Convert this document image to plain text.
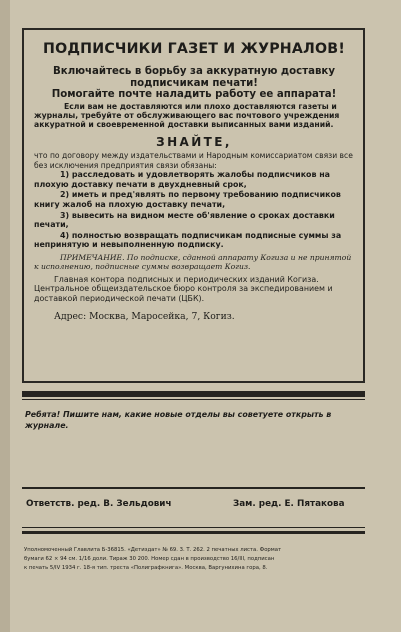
ПОДПИСЧИКИ ГАЗЕТ И ЖУРНАЛОВ!

Включайтесь в борьбу за аккуратную доставку подписчикам печати!

Помогайте почте наладить работу ее аппарата!

Если вам не доставляются или плохо доставляются газеты и журналы, требуйте от обслуживающего вас почтового учреждения аккуратной и своевременной доставки выписанных вами изданий.

ЗНАЙТЕ,

что по договору между издательствами и Народным комиссариатом связи все без исключения предприятия связи обязаны:

1) расследовать и удовлетворять жалобы подписчиков на плохую доставку печати в двухдневный срок,

2) иметь и пред'являть по первому требованию подписчиков книгу жалоб на плохую доставку печати,

3) вывесить на видном месте об'явление о сроках доставки печати,

4) полностью возвращать подписчикам подписные суммы за непринятую и невыполненную подписку.

ПРИМЕЧАНИЕ. По подписке, сданной аппарату Когиза и не принятой к исполнению, подписные суммы возвращает Когиз.

Главная контора подписных и периодических изданий Когиза. Центральное общеиздательское бюро контроля за экспедированием и доставкой периодической печати (ЦБК).

Адрес: Москва, Маросейка, 7, Когиз.

Ребята! Пишите нам, какие новые отделы вы советуете открыть в журнале.
Ответств. ред. В. Зельдович	Зам. ред. Е. Пятакова
Уполномоченный Главлита Б-36815. «Детиздат» № 69. 3. Т. 262. 2 печатных листа. Формат
бумаги 62 × 94 см. 1/16 доли. Тираж 30 200. Номер сдан в производство 16/III, подписан
к печать 5/IV 1934 г. 18-я тип. треста «Полиграфкнига». Москва, Варгунихина гора, 8.
